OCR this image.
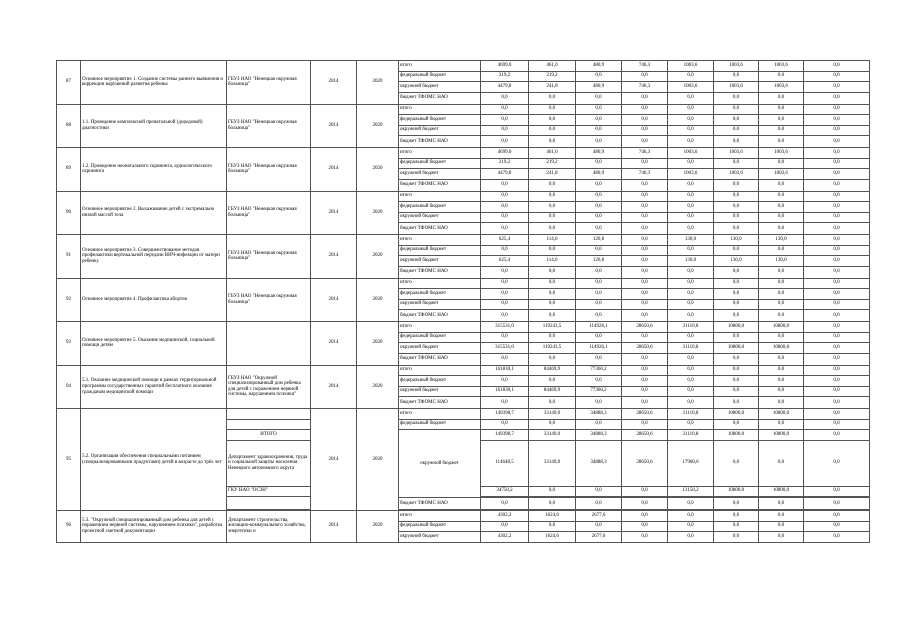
87	Основное мероприятие 1. Создание системы раннего выявления и коррекции нарушений развития ребенка	ГБУЗ НАО "Ненецкая окружная больница"	2014	2020	итого	4699,0	461,0	480,9	746,3	1003,6	1003,6	1003,6	0,0
					федеральный бюджет	219,2	219,2	0,0	0,0	0,0	0,0	0,0	0,0
					окружной бюджет	4479,8	241,8	480,9	746,3	1003,6	1003,6	1003,6	0,0
					бюджет ТФОМС НАО	0,0	0,0	0,0	0,0	0,0	0,0	0,0	0,0
88	1.1. Проведение комплексной пренатальной (дородовой) диагностики	ГБУЗ НАО "Ненецкая окружная больница"	2014	2020	итого	0,0	0,0	0,0	0,0	0,0	0,0	0,0	0,0
					федеральный бюджет	0,0	0,0	0,0	0,0	0,0	0,0	0,0	0,0
					окружной бюджет	0,0	0,0	0,0	0,0	0,0	0,0	0,0	0,0
					бюджет ТФОМС НАО	0,0	0,0	0,0	0,0	0,0	0,0	0,0	0,0
89	1.2. Проведение неонатального скрининга, аудиологического скрининга	ГБУЗ НАО "Ненецкая окружная больница"	2014	2020	итого	4699,0	461,0	480,9	746,3	1003,6	1003,6	1003,6	0,0
					федеральный бюджет	219,2	219,2	0,0	0,0	0,0	0,0	0,0	0,0
					окружной бюджет	4479,8	241,8	480,9	746,3	1003,6	1003,6	1003,6	0,0
					бюджет ТФОМС НАО	0,0	0,0	0,0	0,0	0,0	0,0	0,0	0,0
90	Основное мероприятие 2. Выхаживание детей с экстремально низкой массой тела	ГБУЗ НАО "Ненецкая окружная больница"	2014	2020	итого	0,0	0,0	0,0	0,0	0,0	0,0	0,0	0,0
					федеральный бюджет	0,0	0,0	0,0	0,0	0,0	0,0	0,0	0,0
					окружной бюджет	0,0	0,0	0,0	0,0	0,0	0,0	0,0	0,0
					бюджет ТФОМС НАО	0,0	0,0	0,0	0,0	0,0	0,0	0,0	0,0
91	Основное мероприятие 3. Совершенствование методов профилактики вертикальной передачи ВИЧ-инфекции от матери ребенку	ГБУЗ НАО "Ненецкая окружная больница"	2014	2020	итого	625,4	114,6	120,8	0,0	130,0	130,0	130,0	0,0
					федеральный бюджет	0,0	0,0	0,0	0,0	0,0	0,0	0,0	0,0
					окружной бюджет	625,4	114,6	120,8	0,0	130,0	130,0	130,0	0,0
					бюджет ТФОМС НАО	0,0	0,0	0,0	0,0	0,0	0,0	0,0	0,0
92	Основное мероприятие 4. Профилактика абортов	ГБУЗ НАО "Ненецкая окружная больница"	2014	2020	итого	0,0	0,0	0,0	0,0	0,0	0,0	0,0	0,0
					федеральный бюджет	0,0	0,0	0,0	0,0	0,0	0,0	0,0	0,0
					окружной бюджет	0,0	0,0	0,0	0,0	0,0	0,0	0,0	0,0
					бюджет ТФОМС НАО	0,0	0,0	0,0	0,0	0,0	0,0	0,0	0,0
93	Основное мероприятие 5. Оказание медицинской, социальной помощи детям		2014	2020	итого	315531,0	119243,5	114926,1	28650,6	31110,8	10800,0	10800,0	0,0
					федеральный бюджет	0,0	0,0	0,0	0,0	0,0	0,0	0,0	0,0
					окружной бюджет	315531,0	119243,5	114926,1	28650,6	31110,8	10800,0	10800,0	0,0
					бюджет ТФОМС НАО	0,0	0,0	0,0	0,0	0,0	0,0	0,0	0,0
94	5.1. Оказание медицинской помощи в рамках территориальной программы государственных гарантий бесплатного оказания гражданам медицинской помощи	ГБУЗ НАО "Окружной специализированный дом ребенка для детей с поражением нервной системы, нарушением психики"	2014	2020	итого	161830,1	84469,9	77360,2	0,0	0,0	0,0	0,0	0,0
					федеральный бюджет	0,0	0,0	0,0	0,0	0,0	0,0	0,0	0,0
					окружной бюджет	161830,1	84469,9	77360,2	0,0	0,0	0,0	0,0	0,0
					бюджет ТФОМС НАО	0,0	0,0	0,0	0,0	0,0	0,0	0,0	0,0
95	5.2. Организация обеспечения специальными питанием (специализированными продуктами) детей в возрасте до трёх лет		2014	2020	итого	149398,7	33149,0	34888,3	28650,6	31110,8	10800,0	10800,0	0,0
					федеральный бюджет	0,0	0,0	0,0	0,0	0,0	0,0	0,0	0,0
		ИТОГО			окружной бюджет	149398,7	33149,0	34888,3	28650,6	31110,8	10800,0	10800,0	0,0
		Департамент здравоохранения, труда и социальной защиты населения Ненецкого автономного округа				114648,5	33149,0	34888,3	28650,6	17960,6	0,0	0,0	0,0
		ГКУ НАО "ОСЗН"				34750,2	0,0	0,0	0,0	13150,2	10800,0	10800,0	0,0

					бюджет ТФОМС НАО	0,0	0,0	0,0	0,0	0,0	0,0	0,0	0,0

96	5.3. "Окружной специализированный дом ребенка для детей с поражением нервной системы, нарушением психики", разработка проектной сметной документации	Департамент строительства, жилищно-коммунального хозяйства, энергетики и	2014	2020	итого	4302,2	1624,6	2677,6	0,0	0,0	0,0	0,0	0,0
					федеральный бюджет	0,0	0,0	0,0	0,0	0,0	0,0	0,0	0,0
					окружной бюджет	4302,2	1624,6	2677,6	0,0	0,0	0,0	0,0	0,0
